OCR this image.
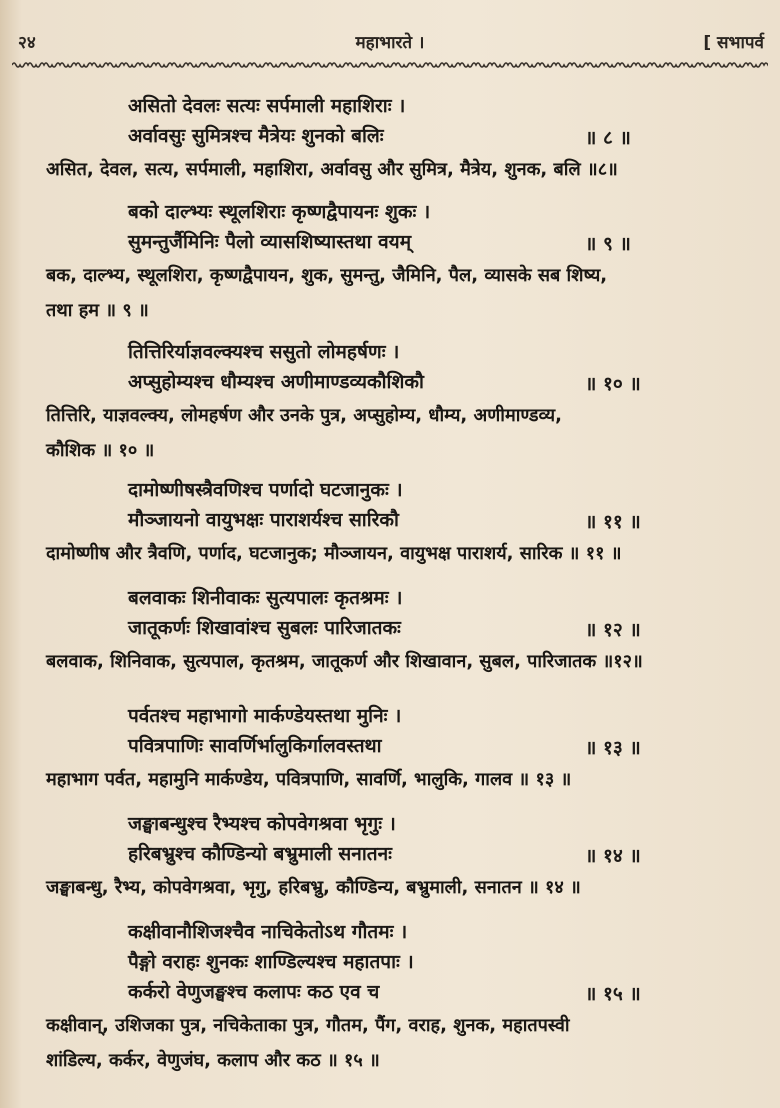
२४	महाभारते ।	[ सभापर्व
असितो देवलः सत्यः सर्पमाली महाशिराः ।
अर्वावसुः सुमित्रश्च मैत्रेयः शुनको बलिः	॥ ८ ॥
असित, देवल, सत्य, सर्पमाली, महाशिरा, अर्वावसु और सुमित्र, मैत्रेय, शुनक, बलि ॥८॥
बको दाल्भ्यः स्थूलशिराः कृष्णद्वैपायनः शुकः ।
सुमन्तुर्जैमिनिः पैलो व्यासशिष्यास्तथा वयम्	॥ ९ ॥
बक, दाल्भ्य, स्थूलशिरा, कृष्णद्वैपायन, शुक, सुमन्तु, जैमिनि, पैल, व्यासके सब शिष्य,
तथा हम ॥ ९ ॥
तित्तिरिर्याज्ञवल्क्यश्च ससुतो लोमहर्षणः ।
अप्सुहोम्यश्च धौम्यश्च अणीमाण्डव्यकौशिकौ	॥ १० ॥
तित्तिरि, याज्ञवल्क्य, लोमहर्षण और उनके पुत्र, अप्सुहोम्य, धौम्य, अणीमाण्डव्य,
कौशिक ॥ १० ॥
दामोष्णीषस्त्रैवणिश्च पर्णादो घटजानुकः ।
मौञ्जायनो वायुभक्षः पाराशर्यश्च सारिकौ	॥ ११ ॥
दामोष्णीष और त्रैवणि, पर्णाद, घटजानुक; मौञ्जायन, वायुभक्ष पाराशर्य, सारिक ॥ ११ ॥
बलवाकः शिनीवाकः सुत्यपालः कृतश्रमः ।
जातूकर्णः शिखावांश्च सुबलः पारिजातकः	॥ १२ ॥
बलवाक, शिनिवाक, सुत्यपाल, कृतश्रम, जातूकर्ण और शिखावान, सुबल, पारिजातक ॥१२॥
पर्वतश्च महाभागो मार्कण्डेयस्तथा मुनिः ।
पवित्रपाणिः सावर्णिर्भालुकिर्गालवस्तथा	॥ १३ ॥
महाभाग पर्वत, महामुनि मार्कण्डेय, पवित्रपाणि, सावर्णि, भालुकि, गालव ॥ १३ ॥
जङ्घाबन्धुश्च रैभ्यश्च कोपवेगश्रवा भृगुः ।
हरिबभ्रुश्च कौण्डिन्यो बभ्रुमाली सनातनः	॥ १४ ॥
जङ्घाबन्धु, रैभ्य, कोपवेगश्रवा, भृगु, हरिबभ्रु, कौण्डिन्य, बभ्रुमाली, सनातन ॥ १४ ॥
कक्षीवानौशिजश्चैव नाचिकेतोऽथ गौतमः ।
पैङ्गो वराहः शुनकः शाण्डिल्यश्च महातपाः ।
कर्करो वेणुजङ्घश्च कलापः कठ एव च	॥ १५ ॥
कक्षीवान्, उशिजका पुत्र, नचिकेताका पुत्र, गौतम, पैंग, वराह, शुनक, महातपस्वी
शांडिल्य, कर्कर, वेणुजंघ, कलाप और कठ ॥ १५ ॥
